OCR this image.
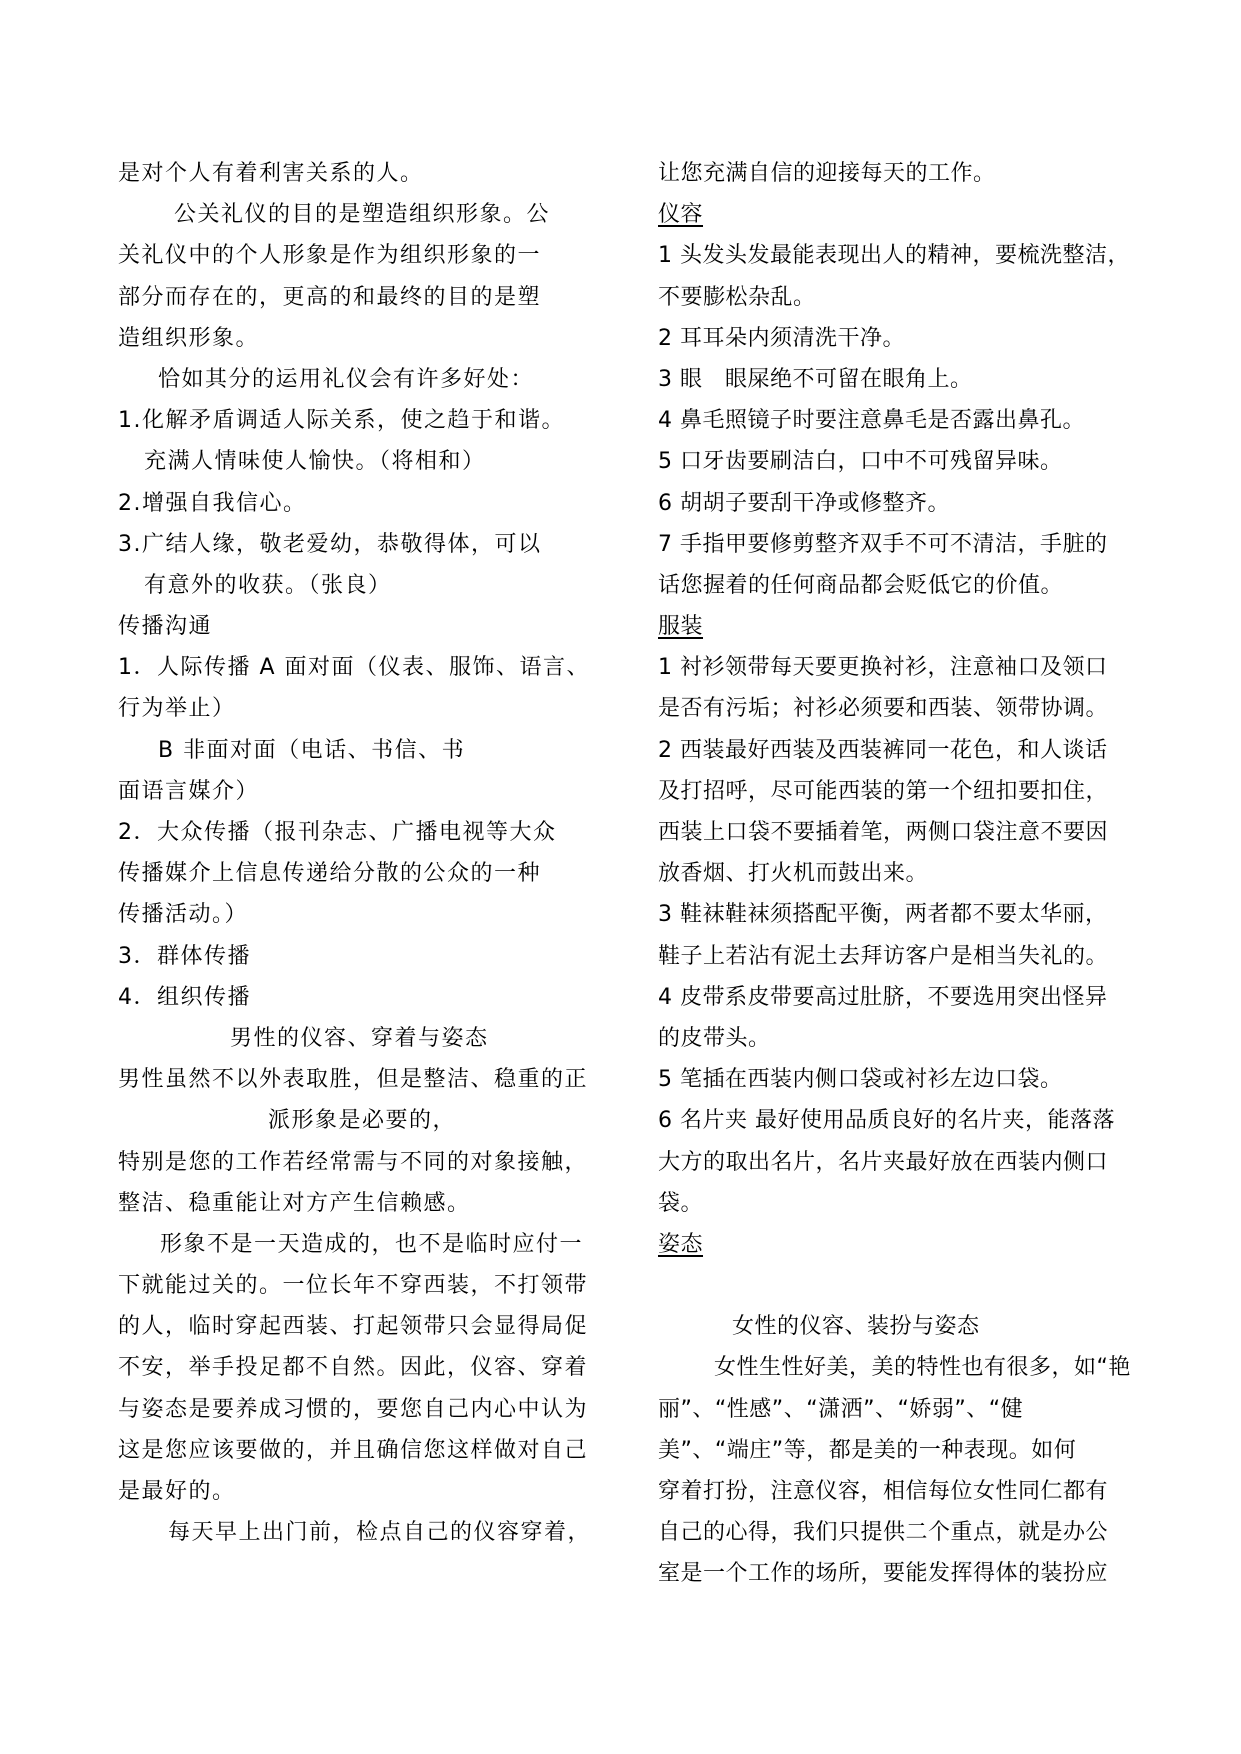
是对个人有着利害关系的人。
公关礼仪的目的是塑造组织形象。公
关礼仪中的个人形象是作为组织形象的一
部分而存在的，更高的和最终的目的是塑
造组织形象。
恰如其分的运用礼仪会有许多好处：
1.化解矛盾调适人际关系，使之趋于和谐。
充满人情味使人愉快。（将相和）
2.增强自我信心。
3.广结人缘，敬老爱幼，恭敬得体，可以
有意外的收获。（张良）
传播沟通
1．人际传播 A 面对面（仪表、服饰、语言、
行为举止）
B 非面对面（电话、书信、书
面语言媒介）
2．大众传播（报刊杂志、广播电视等大众
传播媒介上信息传递给分散的公众的一种
传播活动。）
3．群体传播
4．组织传播
男性的仪容、穿着与姿态
男性虽然不以外表取胜，但是整洁、稳重的正
派形象是必要的，
特别是您的工作若经常需与不同的对象接触，
整洁、稳重能让对方产生信赖感。
形象不是一天造成的，也不是临时应付一
下就能过关的。一位长年不穿西装，不打领带
的人，临时穿起西装、打起领带只会显得局促
不安，举手投足都不自然。因此，仪容、穿着
与姿态是要养成习惯的，要您自己内心中认为
这是您应该要做的，并且确信您这样做对自己
是最好的。
每天早上出门前，检点自己的仪容穿着，
让您充满自信的迎接每天的工作。
仪容
1 头发头发最能表现出人的精神，要梳洗整洁，
不要膨松杂乱。
2 耳耳朵内须清洗干净。
3 眼　眼屎绝不可留在眼角上。
4 鼻毛照镜子时要注意鼻毛是否露出鼻孔。
5 口牙齿要刷洁白，口中不可残留异味。
6 胡胡子要刮干净或修整齐。
7 手指甲要修剪整齐双手不可不清洁，手脏的
话您握着的任何商品都会贬低它的价值。
服装
1 衬衫领带每天要更换衬衫，注意袖口及领口
是否有污垢；衬衫必须要和西装、领带协调。
2 西装最好西装及西装裤同一花色，和人谈话
及打招呼，尽可能西装的第一个纽扣要扣住，
西装上口袋不要插着笔，两侧口袋注意不要因
放香烟、打火机而鼓出来。
3 鞋袜鞋袜须搭配平衡，两者都不要太华丽，
鞋子上若沾有泥土去拜访客户是相当失礼的。
4 皮带系皮带要高过肚脐，不要选用突出怪异
的皮带头。
5 笔插在西装内侧口袋或衬衫左边口袋。
6 名片夹 最好使用品质良好的名片夹，能落落
大方的取出名片，名片夹最好放在西装内侧口
袋。
姿态
女性的仪容、装扮与姿态
女性生性好美，美的特性也有很多，如“艳
丽”、“性感”、“潇洒”、“娇弱”、“健
美”、“端庄”等，都是美的一种表现。如何
穿着打扮，注意仪容，相信每位女性同仁都有
自己的心得，我们只提供二个重点，就是办公
室是一个工作的场所，要能发挥得体的装扮应
